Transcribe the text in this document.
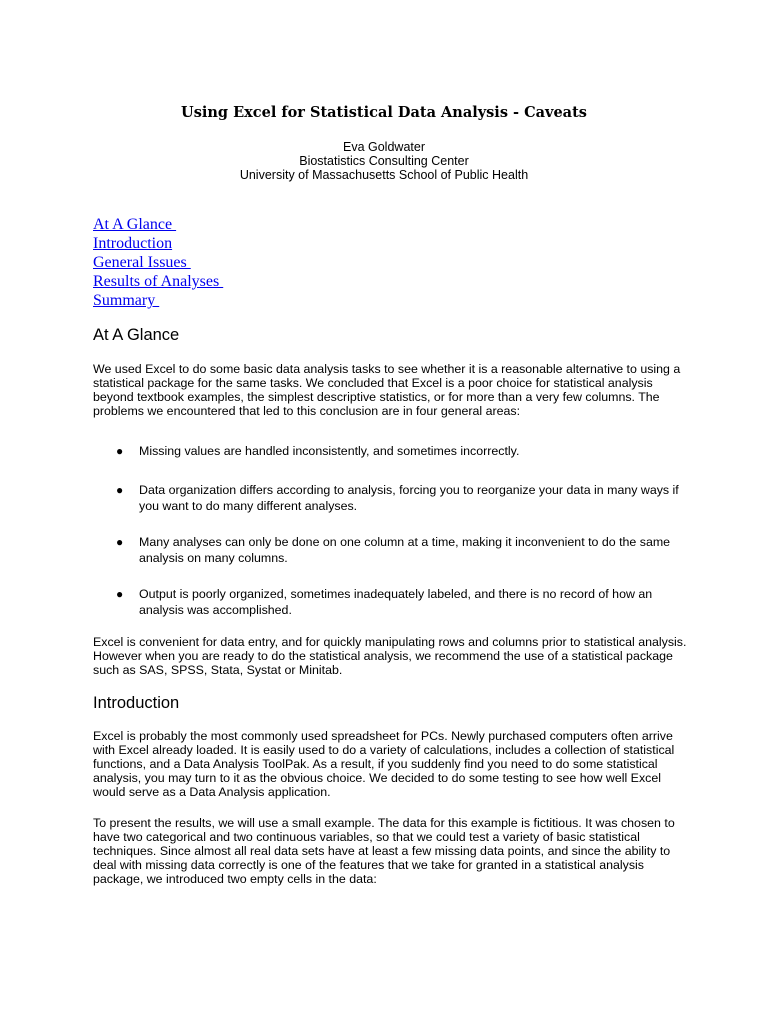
Using Excel for Statistical Data Analysis - Caveats
Eva Goldwater
Biostatistics Consulting Center
University of Massachusetts School of Public Health
At A Glance
Introduction
General Issues
Results of Analyses
Summary
At A Glance

We used Excel to do some basic data analysis tasks to see whether it is a reasonable alternative to using a statistical package for the same tasks. We concluded that Excel is a poor choice for statistical analysis beyond textbook examples, the simplest descriptive statistics, or for more than a very few columns. The problems we encountered that led to this conclusion are in four general areas:

● Missing values are handled inconsistently, and sometimes incorrectly.
● Data organization differs according to analysis, forcing you to reorganize your data in many ways if you want to do many different analyses.
● Many analyses can only be done on one column at a time, making it inconvenient to do the same analysis on many columns.
● Output is poorly organized, sometimes inadequately labeled, and there is no record of how an analysis was accomplished.

Excel is convenient for data entry, and for quickly manipulating rows and columns prior to statistical analysis. However when you are ready to do the statistical analysis, we recommend the use of a statistical package such as SAS, SPSS, Stata, Systat or Minitab.

Introduction

Excel is probably the most commonly used spreadsheet for PCs. Newly purchased computers often arrive with Excel already loaded. It is easily used to do a variety of calculations, includes a collection of statistical functions, and a Data Analysis ToolPak. As a result, if you suddenly find you need to do some statistical analysis, you may turn to it as the obvious choice. We decided to do some testing to see how well Excel would serve as a Data Analysis application.

To present the results, we will use a small example. The data for this example is fictitious. It was chosen to have two categorical and two continuous variables, so that we could test a variety of basic statistical techniques. Since almost all real data sets have at least a few missing data points, and since the ability to deal with missing data correctly is one of the features that we take for granted in a statistical analysis package, we introduced two empty cells in the data:
